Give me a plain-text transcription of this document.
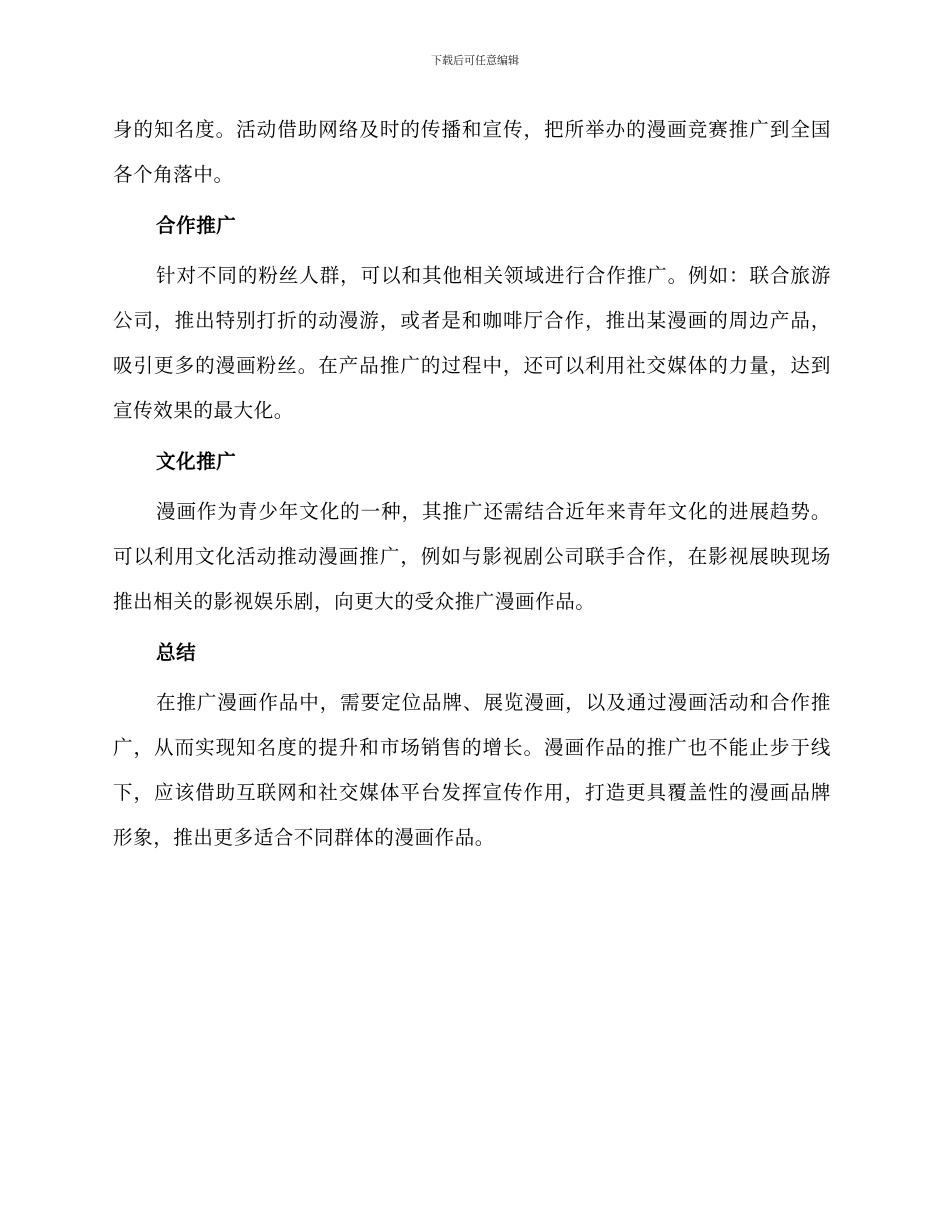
下载后可任意编辑

身的知名度。活动借助网络及时的传播和宣传，把所举办的漫画竞赛推广到全国各个角落中。

合作推广

针对不同的粉丝人群，可以和其他相关领域进行合作推广。例如：联合旅游公司，推出特别打折的动漫游，或者是和咖啡厅合作，推出某漫画的周边产品，吸引更多的漫画粉丝。在产品推广的过程中，还可以利用社交媒体的力量，达到宣传效果的最大化。

文化推广

漫画作为青少年文化的一种，其推广还需结合近年来青年文化的进展趋势。可以利用文化活动推动漫画推广，例如与影视剧公司联手合作，在影视展映现场推出相关的影视娱乐剧，向更大的受众推广漫画作品。

总结

在推广漫画作品中，需要定位品牌、展览漫画，以及通过漫画活动和合作推广，从而实现知名度的提升和市场销售的增长。漫画作品的推广也不能止步于线下，应该借助互联网和社交媒体平台发挥宣传作用，打造更具覆盖性的漫画品牌形象，推出更多适合不同群体的漫画作品。
